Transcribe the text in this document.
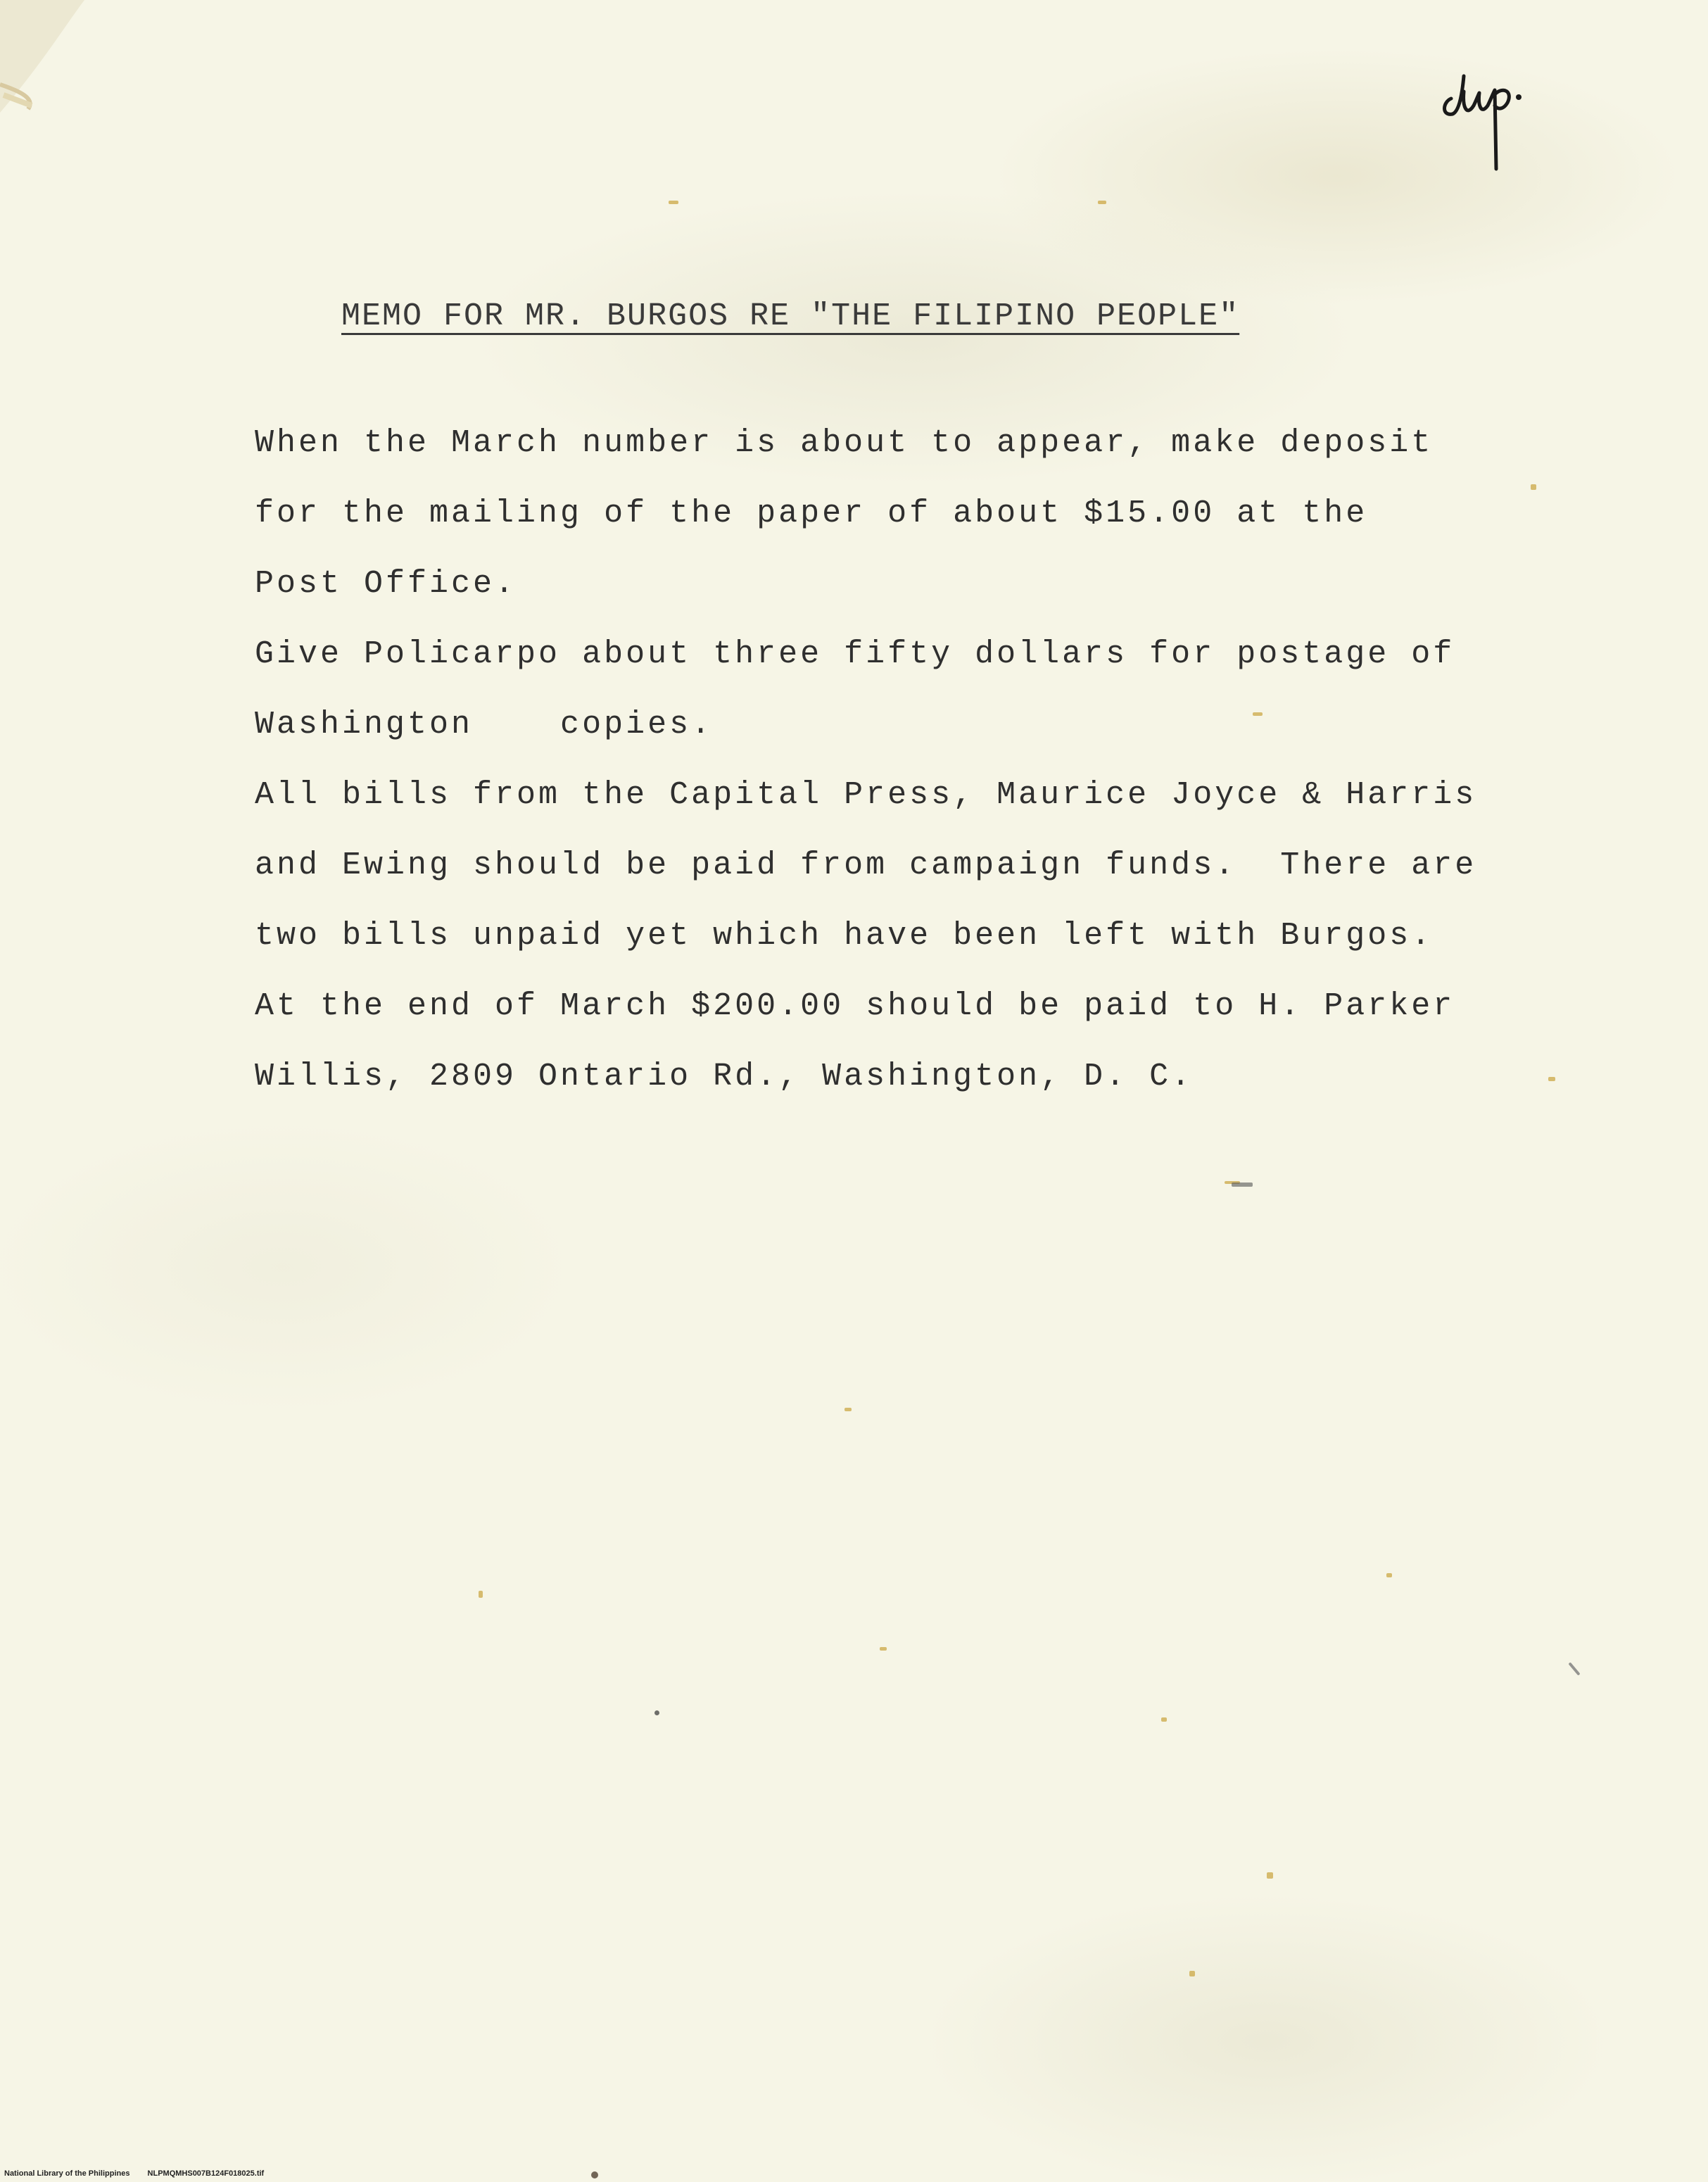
MEMO FOR MR. BURGOS RE "THE FILIPINO PEOPLE"
When the March number is about to appear, make deposit
for the mailing of the paper of about $15.00 at the
Post Office.
Give Policarpo about three fifty dollars for postage of
Washington    copies.
All bills from the Capital Press, Maurice Joyce & Harris
and Ewing should be paid from campaign funds.  There are
two bills unpaid yet which have been left with Burgos.
At the end of March $200.00 should be paid to H. Parker
Willis, 2809 Ontario Rd., Washington, D. C.
National Library of the Philippines NLPMQMHS007B124F018025.tif
